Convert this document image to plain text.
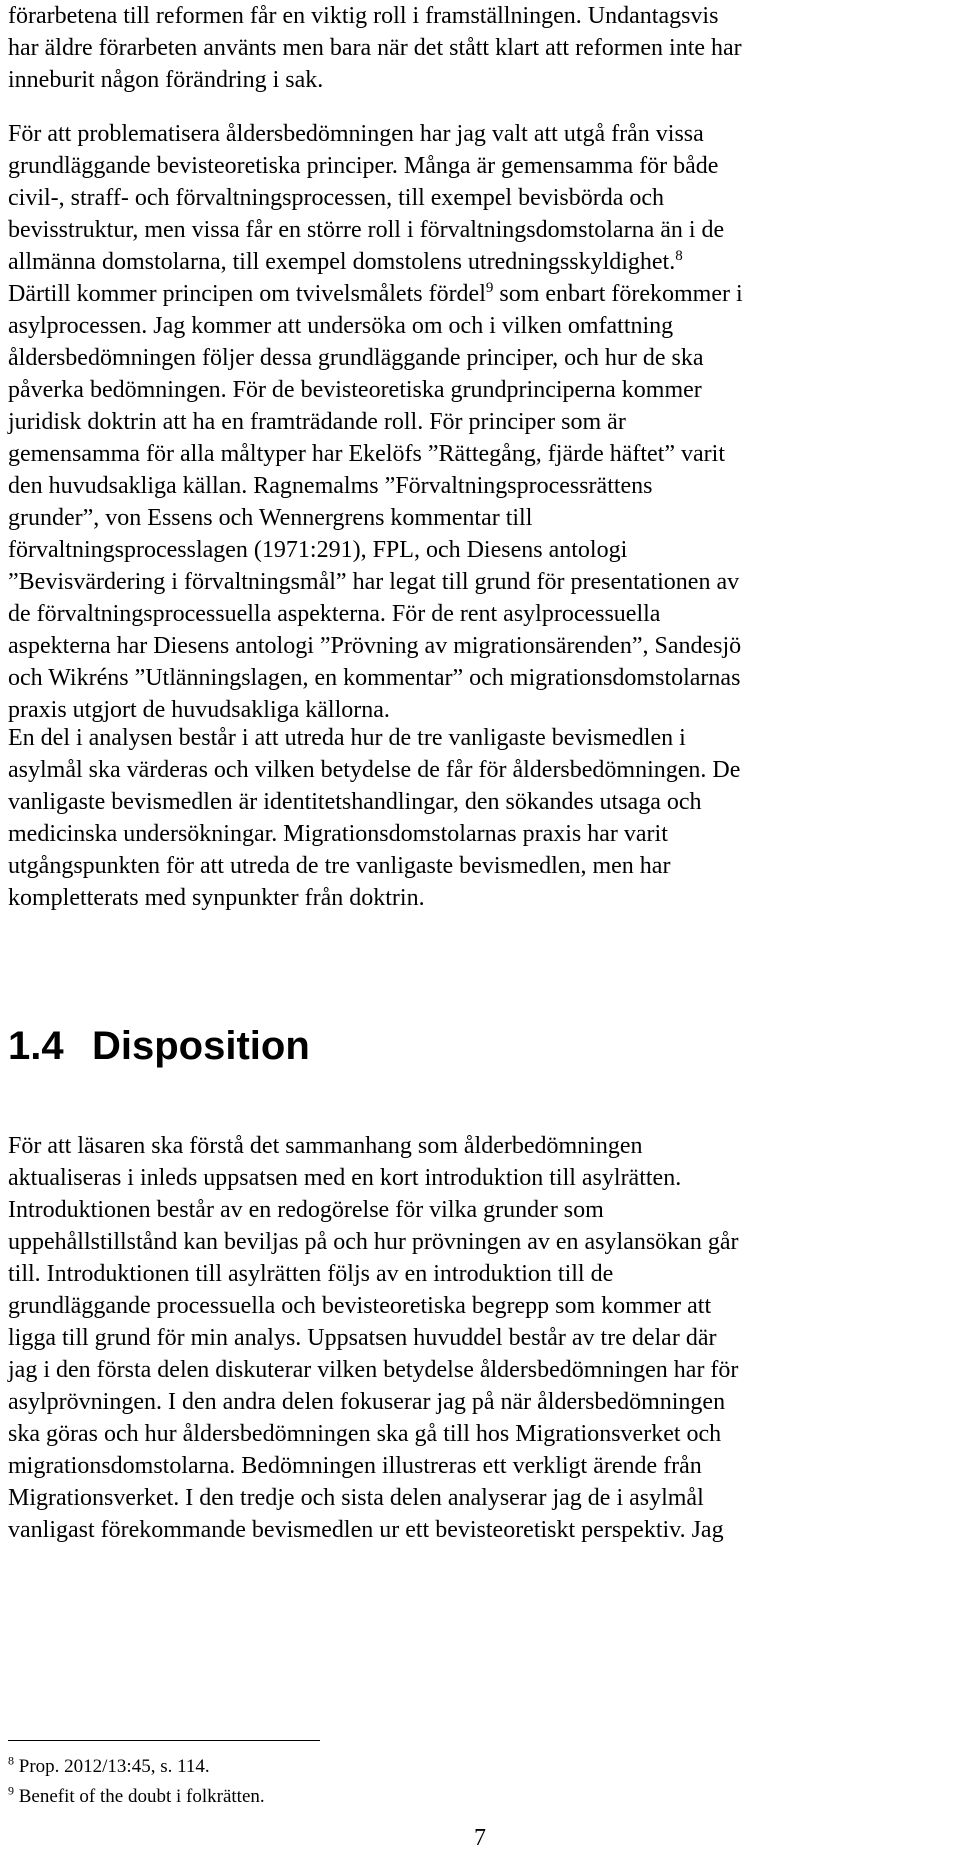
förarbetena till reformen får en viktig roll i framställningen. Undantagsvis
har äldre förarbeten använts men bara när det stått klart att reformen inte har
inneburit någon förändring i sak.

För att problematisera åldersbedömningen har jag valt att utgå från vissa
grundläggande bevisteoretiska principer. Många är gemensamma för både
civil-, straff- och förvaltningsprocessen, till exempel bevisbörda och
bevisstruktur, men vissa får en större roll i förvaltningsdomstolarna än i de
allmänna domstolarna, till exempel domstolens utredningsskyldighet.$^8$
Därtill kommer principen om tvivelsmålets fördel$^9$ som enbart förekommer i
asylprocessen. Jag kommer att undersöka om och i vilken omfattning
åldersbedömningen följer dessa grundläggande principer, och hur de ska
påverka bedömningen. För de bevisteoretiska grundprinciperna kommer
juridisk doktrin att ha en framträdande roll. För principer som är
gemensamma för alla måltyper har Ekelöfs ”Rättegång, fjärde häftet” varit
den huvudsakliga källan. Ragnemalms ”Förvaltningsprocessrättens
grunder”, von Essens och Wennergrens kommentar till
förvaltningsprocesslagen (1971:291), FPL, och Diesens antologi
”Bevisvärdering i förvaltningsmål” har legat till grund för presentationen av
de förvaltningsprocessuella aspekterna. För de rent asylprocessuella
aspekterna har Diesens antologi ”Prövning av migrationsärenden”, Sandesjö
och Wikréns ”Utlänningslagen, en kommentar” och migrationsdomstolarnas
praxis utgjort de huvudsakliga källorna.

En del i analysen består i att utreda hur de tre vanligaste bevismedlen i
asylmål ska värderas och vilken betydelse de får för åldersbedömningen. De
vanligaste bevismedlen är identitetshandlingar, den sökandes utsaga och
medicinska undersökningar. Migrationsdomstolarnas praxis har varit
utgångspunkten för att utreda de tre vanligaste bevismedlen, men har
kompletterats med synpunkter från doktrin.

1.4 Disposition

För att läsaren ska förstå det sammanhang som ålderbedömningen
aktualiseras i inleds uppsatsen med en kort introduktion till asylrätten.
Introduktionen består av en redogörelse för vilka grunder som
uppehållstillstånd kan beviljas på och hur prövningen av en asylansökan går
till. Introduktionen till asylrätten följs av en introduktion till de
grundläggande processuella och bevisteoretiska begrepp som kommer att
ligga till grund för min analys. Uppsatsen huvuddel består av tre delar där
jag i den första delen diskuterar vilken betydelse åldersbedömningen har för
asylprövningen. I den andra delen fokuserar jag på när åldersbedömningen
ska göras och hur åldersbedömningen ska gå till hos Migrationsverket och
migrationsdomstolarna. Bedömningen illustreras ett verkligt ärende från
Migrationsverket. I den tredje och sista delen analyserar jag de i asylmål
vanligast förekommande bevismedlen ur ett bevisteoretiskt perspektiv. Jag

$^8$ Prop. 2012/13:45, s. 114.
$^9$ Benefit of the doubt i folkrätten.
7
